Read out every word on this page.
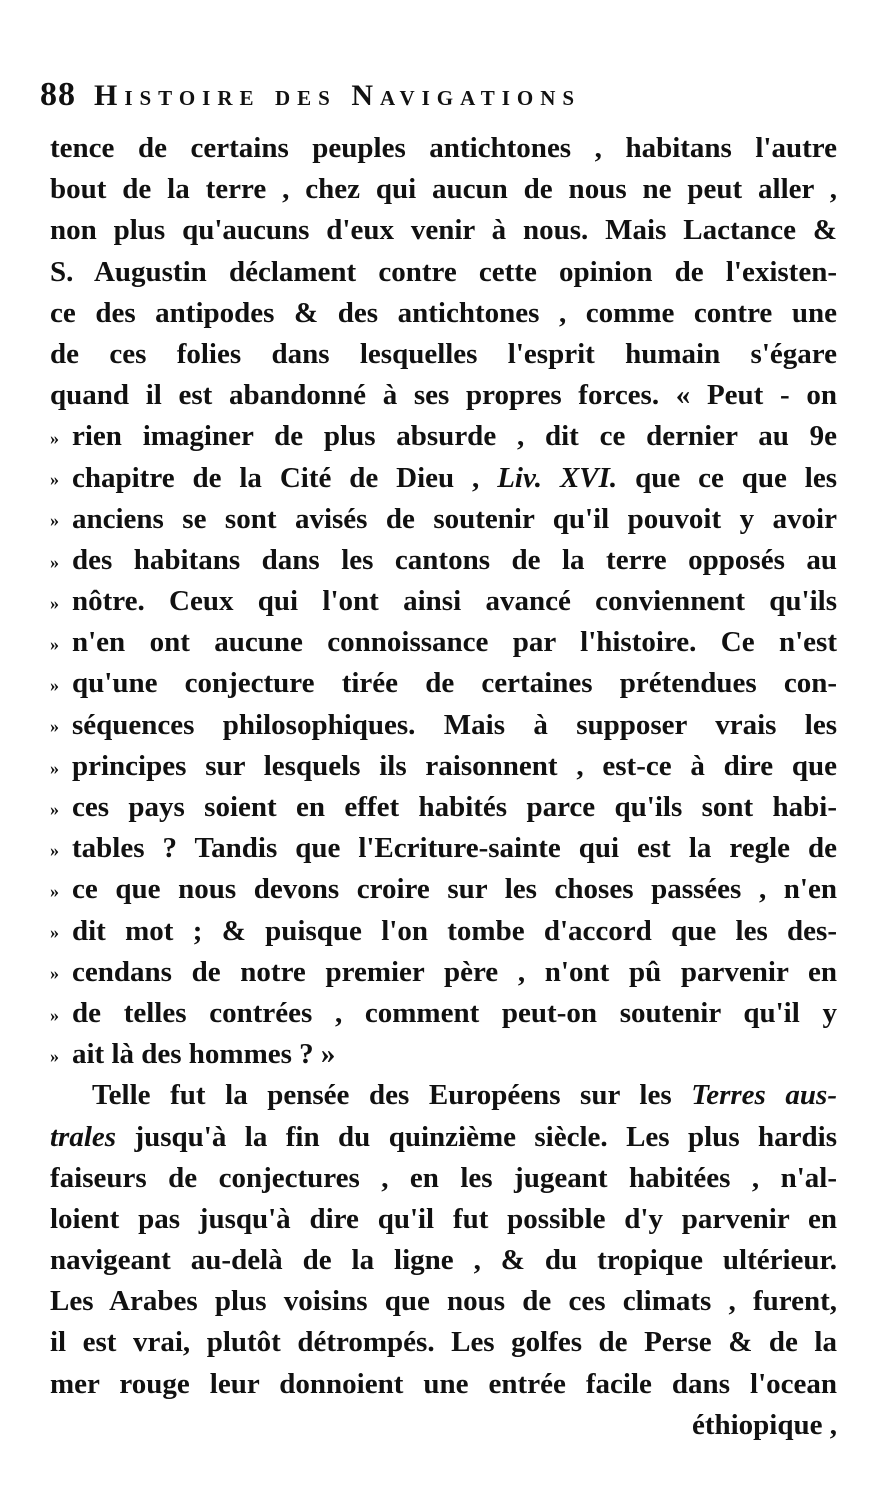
88 Histoire des Navigations
tence de certains peuples antichtones , habitans l'autre
bout de la terre , chez qui aucun de nous ne peut aller ,
non plus qu'aucuns d'eux venir à nous. Mais Lactance &
S. Augustin déclament contre cette opinion de l'existen-
ce des antipodes & des antichtones , comme contre une
de ces folies dans lesquelles l'esprit humain s'égare
quand il est abandonné à ses propres forces. « Peut - on
» rien imaginer de plus absurde , dit ce dernier au 9e
» chapitre de la Cité de Dieu , Liv. XVI. que ce que les
» anciens se sont avisés de soutenir qu'il pouvoit y avoir
» des habitans dans les cantons de la terre opposés au
» nôtre. Ceux qui l'ont ainsi avancé conviennent qu'ils
» n'en ont aucune connoissance par l'histoire. Ce n'est
» qu'une conjecture tirée de certaines prétendues con-
» séquences philosophiques. Mais à supposer vrais les
» principes sur lesquels ils raisonnent , est-ce à dire que
» ces pays soient en effet habités parce qu'ils sont habi-
» tables ? Tandis que l'Ecriture-sainte qui est la regle de
» ce que nous devons croire sur les choses passées , n'en
» dit mot ; & puisque l'on tombe d'accord que les des-
» cendans de notre premier père , n'ont pû parvenir en
» de telles contrées , comment peut-on soutenir qu'il y
» ait là des hommes ? »
Telle fut la pensée des Européens sur les Terres aus-
trales jusqu'à la fin du quinzième siècle. Les plus hardis
faiseurs de conjectures , en les jugeant habitées , n'al-
loient pas jusqu'à dire qu'il fut possible d'y parvenir en
navigeant au-delà de la ligne , & du tropique ultérieur.
Les Arabes plus voisins que nous de ces climats , furent,
il est vrai, plutôt détrompés. Les golfes de Perse & de la
mer rouge leur donnoient une entrée facile dans l'ocean
éthiopique ,
